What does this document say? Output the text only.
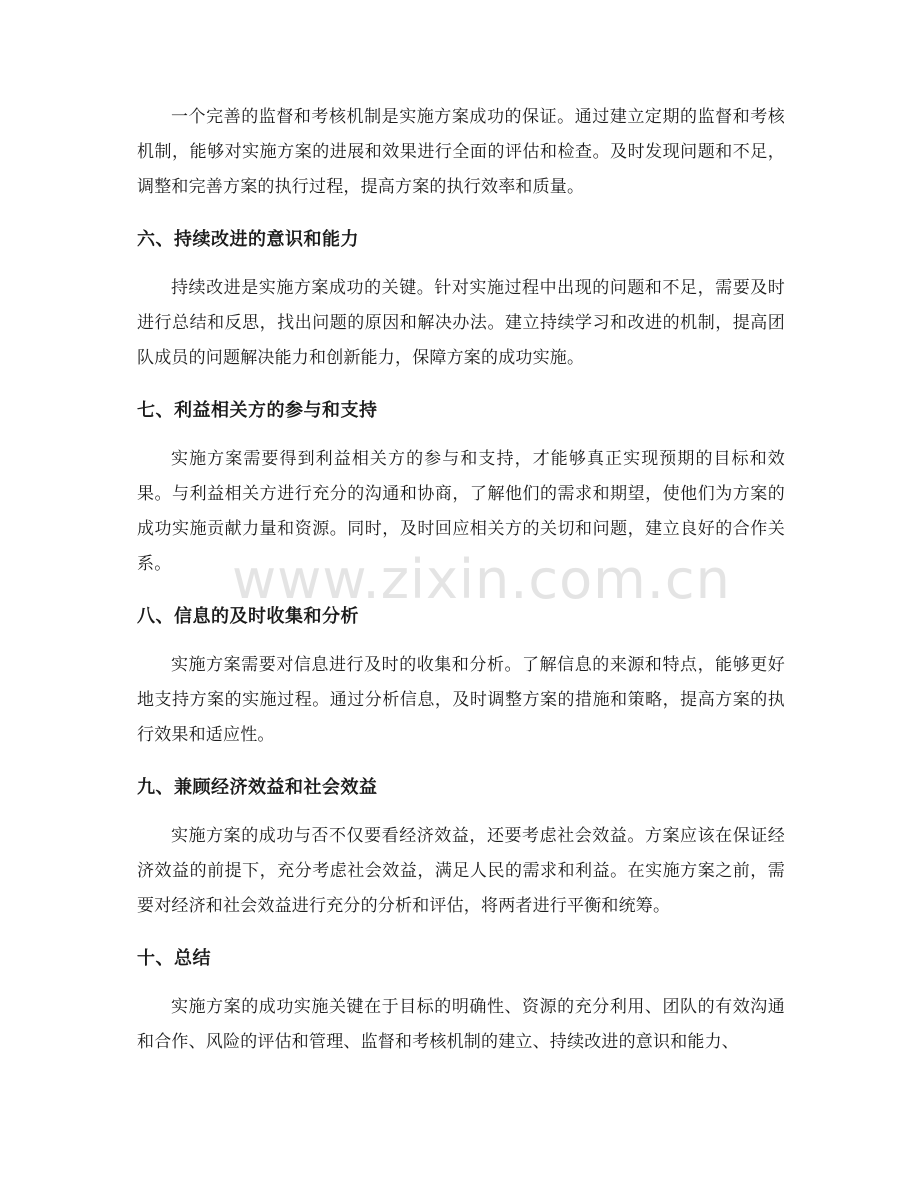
一个完善的监督和考核机制是实施方案成功的保证。通过建立定期的监督和考核机制，能够对实施方案的进展和效果进行全面的评估和检查。及时发现问题和不足，调整和完善方案的执行过程，提高方案的执行效率和质量。

六、持续改进的意识和能力

持续改进是实施方案成功的关键。针对实施过程中出现的问题和不足，需要及时进行总结和反思，找出问题的原因和解决办法。建立持续学习和改进的机制，提高团队成员的问题解决能力和创新能力，保障方案的成功实施。

七、利益相关方的参与和支持

实施方案需要得到利益相关方的参与和支持，才能够真正实现预期的目标和效果。与利益相关方进行充分的沟通和协商，了解他们的需求和期望，使他们为方案的成功实施贡献力量和资源。同时，及时回应相关方的关切和问题，建立良好的合作关系。

八、信息的及时收集和分析

实施方案需要对信息进行及时的收集和分析。了解信息的来源和特点，能够更好地支持方案的实施过程。通过分析信息，及时调整方案的措施和策略，提高方案的执行效果和适应性。

九、兼顾经济效益和社会效益

实施方案的成功与否不仅要看经济效益，还要考虑社会效益。方案应该在保证经济效益的前提下，充分考虑社会效益，满足人民的需求和利益。在实施方案之前，需要对经济和社会效益进行充分的分析和评估，将两者进行平衡和统筹。

十、总结

实施方案的成功实施关键在于目标的明确性、资源的充分利用、团队的有效沟通和合作、风险的评估和管理、监督和考核机制的建立、持续改进的意识和能力、

www.zixin.com.cn
